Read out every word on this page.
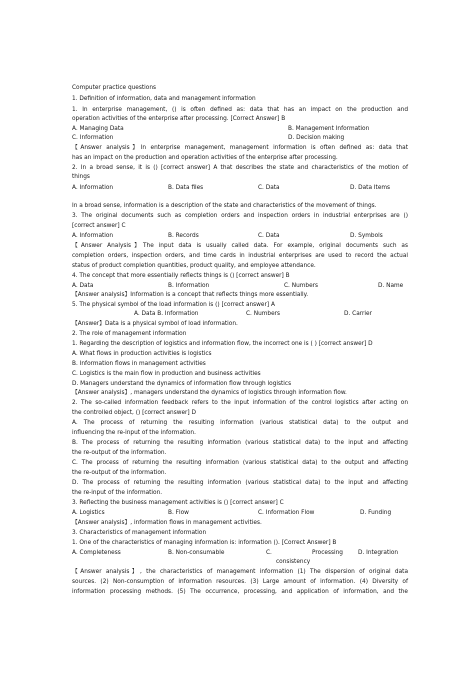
Computer practice questions
1. Definition of information, data and management information
1. In enterprise management, () is often defined as: data that has an impact on the production and
operation activities of the enterprise after processing. [Correct Answer] B
A. Managing Data	B. Management Information
C. Information	D. Decision making
【Answer analysis】In enterprise management, management information is often defined as: data that
has an impact on the production and operation activities of the enterprise after processing.
2. In a broad sense, it is () [correct answer] A that describes the state and characteristics of the motion of
things
A. Information	B. Data files	C. Data	D. Data Items
In a broad sense, information is a description of the state and characteristics of the movement of things.
3. The original documents such as completion orders and inspection orders in industrial enterprises are ()
[correct answer] C
A. Information	B. Records	C. Data	D. Symbols
【Answer Analysis】The input data is usually called data. For example, original documents such as
completion orders, inspection orders, and time cards in industrial enterprises are used to record the actual
status of product completion quantities, product quality, and employee attendance.
4. The concept that more essentially reflects things is () [correct answer] B
A. Data	B. Information	C. Numbers	D. Name
【Answer analysis】Information is a concept that reflects things more essentially.
5. The physical symbol of the load information is () [correct answer] A
A. Data B. Information	C. Numbers	D. Carrier
【Answer】Data is a physical symbol of load information.
2. The role of management information
1. Regarding the description of logistics and information flow, the incorrect one is ( ) [correct answer] D
A. What flows in production activities is logistics
B. Information flows in management activities
C. Logistics is the main flow in production and business activities
D. Managers understand the dynamics of information flow through logistics
【Answer analysis】, managers understand the dynamics of logistics through information flow.
2. The so-called information feedback refers to the input information of the control logistics after acting on
the controlled object, () [correct answer] D
A. The process of returning the resulting information (various statistical data) to the output and
influencing the re-input of the information.
B. The process of returning the resulting information (various statistical data) to the input and affecting
the re-output of the information.
C. The process of returning the resulting information (various statistical data) to the output and affecting
the re-output of the information.
D. The process of returning the resulting information (various statistical data) to the input and affecting
the re-input of the information.
3. Reflecting the business management activities is () [correct answer] C
A. Logistics	B. Flow	C. Information Flow	D. Funding
【Answer analysis】, information flows in management activities.
3. Characteristics of management information
1. One of the characteristics of managing information is: information (). [Correct Answer] B
A. Completeness	B. Non-consumable	C.	Processing	D. Integration
consistency
【Answer analysis】, the characteristics of management information (1) The dispersion of original data
sources. (2) Non-consumption of information resources. (3) Large amount of information. (4) Diversity of
information processing methods. (5) The occurrence, processing, and application of information, and the
